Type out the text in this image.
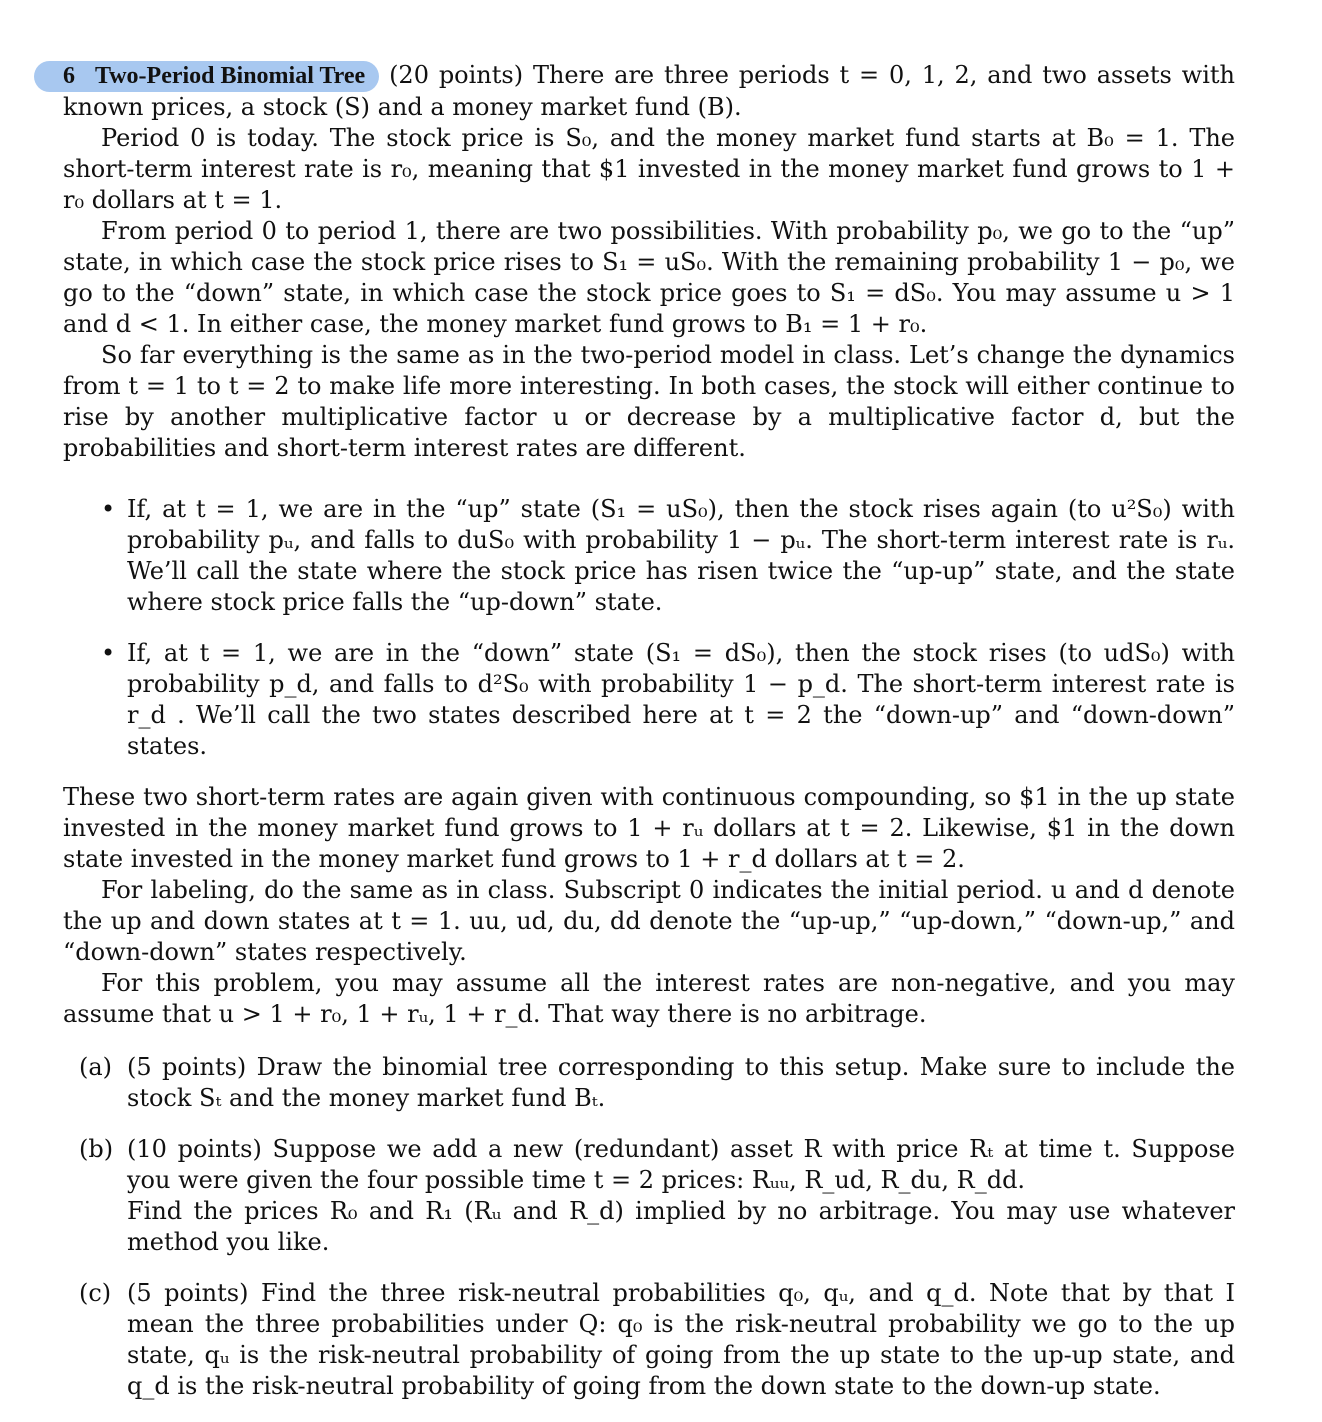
6 Two-Period Binomial Tree (20 points) There are three periods t = 0, 1, 2, and two assets with known prices, a stock (S) and a money market fund (B).

Period 0 is today. The stock price is S₀, and the money market fund starts at B₀ = 1. The short-term interest rate is r₀, meaning that $1 invested in the money market fund grows to 1 + r₀ dollars at t = 1.

From period 0 to period 1, there are two possibilities. With probability p₀, we go to the “up” state, in which case the stock price rises to S₁ = uS₀. With the remaining probability 1 − p₀, we go to the “down” state, in which case the stock price goes to S₁ = dS₀. You may assume u > 1 and d < 1. In either case, the money market fund grows to B₁ = 1 + r₀.

So far everything is the same as in the two-period model in class. Let’s change the dynamics from t = 1 to t = 2 to make life more interesting. In both cases, the stock will either continue to rise by another multiplicative factor u or decrease by a multiplicative factor d, but the probabilities and short-term interest rates are different.

• If, at t = 1, we are in the “up” state (S₁ = uS₀), then the stock rises again (to u²S₀) with probability pᵤ, and falls to duS₀ with probability 1 − pᵤ. The short-term interest rate is rᵤ. We’ll call the state where the stock price has risen twice the “up-up” state, and the state where stock price falls the “up-down” state.
• If, at t = 1, we are in the “down” state (S₁ = dS₀), then the stock rises (to udS₀) with probability p_d, and falls to d²S₀ with probability 1 − p_d. The short-term interest rate is r_d . We’ll call the two states described here at t = 2 the “down-up” and “down-down” states.

These two short-term rates are again given with continuous compounding, so $1 in the up state invested in the money market fund grows to 1 + rᵤ dollars at t = 2. Likewise, $1 in the down state invested in the money market fund grows to 1 + r_d dollars at t = 2.

For labeling, do the same as in class. Subscript 0 indicates the initial period. u and d denote the up and down states at t = 1. uu, ud, du, dd denote the “up-up,” “up-down,” “down-up,” and “down-down” states respectively.

For this problem, you may assume all the interest rates are non-negative, and you may assume that u > 1 + r₀, 1 + rᵤ, 1 + r_d. That way there is no arbitrage.

(a) (5 points) Draw the binomial tree corresponding to this setup. Make sure to include the stock Sₜ and the money market fund Bₜ.
(b) (10 points) Suppose we add a new (redundant) asset R with price Rₜ at time t. Suppose you were given the four possible time t = 2 prices: Rᵤᵤ, R_ud, R_du, R_dd.
Find the prices R₀ and R₁ (Rᵤ and R_d) implied by no arbitrage. You may use whatever method you like.
(c) (5 points) Find the three risk-neutral probabilities q₀, qᵤ, and q_d. Note that by that I mean the three probabilities under Q: q₀ is the risk-neutral probability we go to the up state, qᵤ is the risk-neutral probability of going from the up state to the up-up state, and q_d is the risk-neutral probability of going from the down state to the down-up state.
